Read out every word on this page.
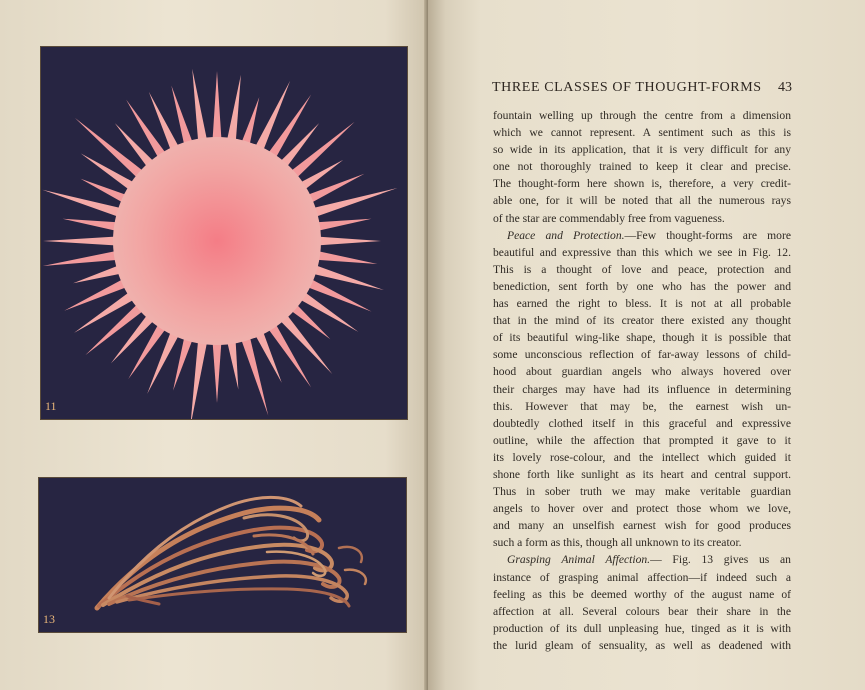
11
13
THREE CLASSES OF THOUGHT-FORMS 43
fountain welling up through the centre from a dimension
which we cannot represent. A sentiment such as this is
so wide in its application, that it is very difficult for any
one not thoroughly trained to keep it clear and precise.
The thought-form here shown is, therefore, a very credit-
able one, for it will be noted that all the numerous rays
of the star are commendably free from vagueness.
Peace and Protection.—Few thought-forms are more
beautiful and expressive than this which we see in Fig. 12.
This is a thought of love and peace, protection and
benediction, sent forth by one who has the power and
has earned the right to bless. It is not at all probable
that in the mind of its creator there existed any thought
of its beautiful wing-like shape, though it is possible that
some unconscious reflection of far-away lessons of child-
hood about guardian angels who always hovered over
their charges may have had its influence in determining
this. However that may be, the earnest wish un-
doubtedly clothed itself in this graceful and expressive
outline, while the affection that prompted it gave to it
its lovely rose-colour, and the intellect which guided it
shone forth like sunlight as its heart and central support.
Thus in sober truth we may make veritable guardian
angels to hover over and protect those whom we love,
and many an unselfish earnest wish for good produces
such a form as this, though all unknown to its creator.
Grasping Animal Affection.— Fig. 13 gives us an
instance of grasping animal affection—if indeed such a
feeling as this be deemed worthy of the august name of
affection at all. Several colours bear their share in the
production of its dull unpleasing hue, tinged as it is with
the lurid gleam of sensuality, as well as deadened with
